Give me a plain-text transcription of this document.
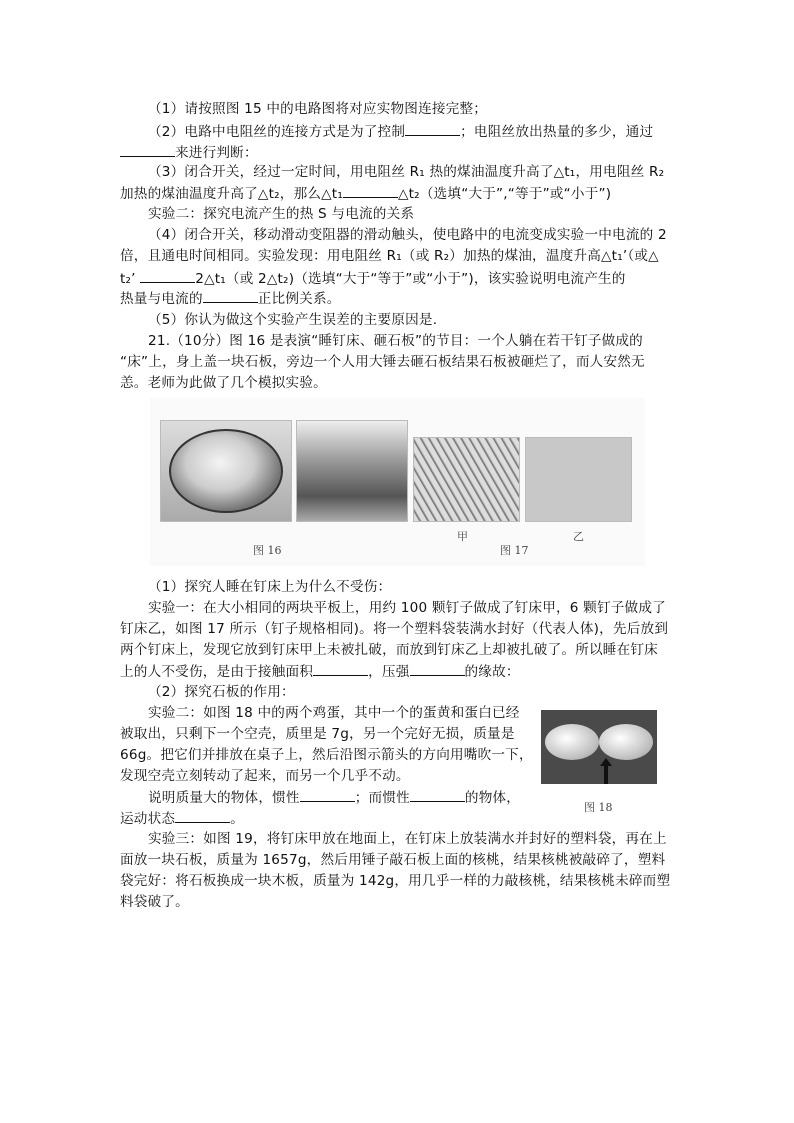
（1）请按照图 15 中的电路图将对应实物图连接完整；
（2）电路中电阻丝的连接方式是为了控制	；电阻丝放出热量的多少，通过
来进行判断：
（3）闭合开关，经过一定时间，用电阻丝 R₁ 热的煤油温度升高了△t₁，用电阻丝 R₂
加热的煤油温度升高了△t₂，那么△t₁	△t₂（选填“大于”,“等于”或“小于”)
实验二：探究电流产生的热 S 与电流的关系
（4）闭合开关，移动滑动变阻器的滑动触头，使电路中的电流变成实验一中电流的 2
倍，且通电时间相同。实验发现：用电阻丝 R₁（或 R₂）加热的煤油，温度升高△t₁’（或△
t₂’	2△t₁（或 2△t₂)（选填“大于“等于”或“小于”)，该实验说明电流产生的
热量与电流的	正比例关系。
（5）你认为做这个实验产生误差的主要原因是.
21.（10分）图 16 是表演“睡钉床、砸石板”的节目：一个人躺在若干钉子做成的
“床”上，身上盖一块石板，旁边一个人用大锤去砸石板结果石板被砸烂了，而人安然无
恙。老师为此做了几个模拟实验。
（1）探究人睡在钉床上为什么不受伤：
实验一：在大小相同的两块平板上，用约 100 颗钉子做成了钉床甲，6 颗钉子做成了
钉床乙，如图 17 所示（钉子规格相同)。将一个塑料袋装满水封好（代表人体)，先后放到
两个钉床上，发现它放到钉床甲上未被扎破，而放到钉床乙上却被扎破了。所以睡在钉床
上的人不受伤，是由于接触面积	，压强	的缘故：
（2）探究石板的作用：
实验二：如图 18 中的两个鸡蛋，其中一个的蛋黄和蛋白已经
被取出，只剩下一个空壳，质里是 7g，另一个完好无损，质量是
66g。把它们并排放在桌子上，然后沿图示箭头的方向用嘴吹一下，
发现空壳立刻转动了起来，而另一个几乎不动。
说明质量大的物体，惯性	；而惯性	的物体，
运动状态	。
实验三：如图 19，将钉床甲放在地面上，在钉床上放装满水并封好的塑料袋，再在上
面放一块石板，质量为 1657g，然后用锤子敲石板上面的核桃，结果核桃被敲碎了，塑料
袋完好：将石板换成一块木板，质量为 142g，用几乎一样的力敲核桃，结果核桃未碎而塑
料袋破了。
甲	乙
图 16	图 17
图 18
